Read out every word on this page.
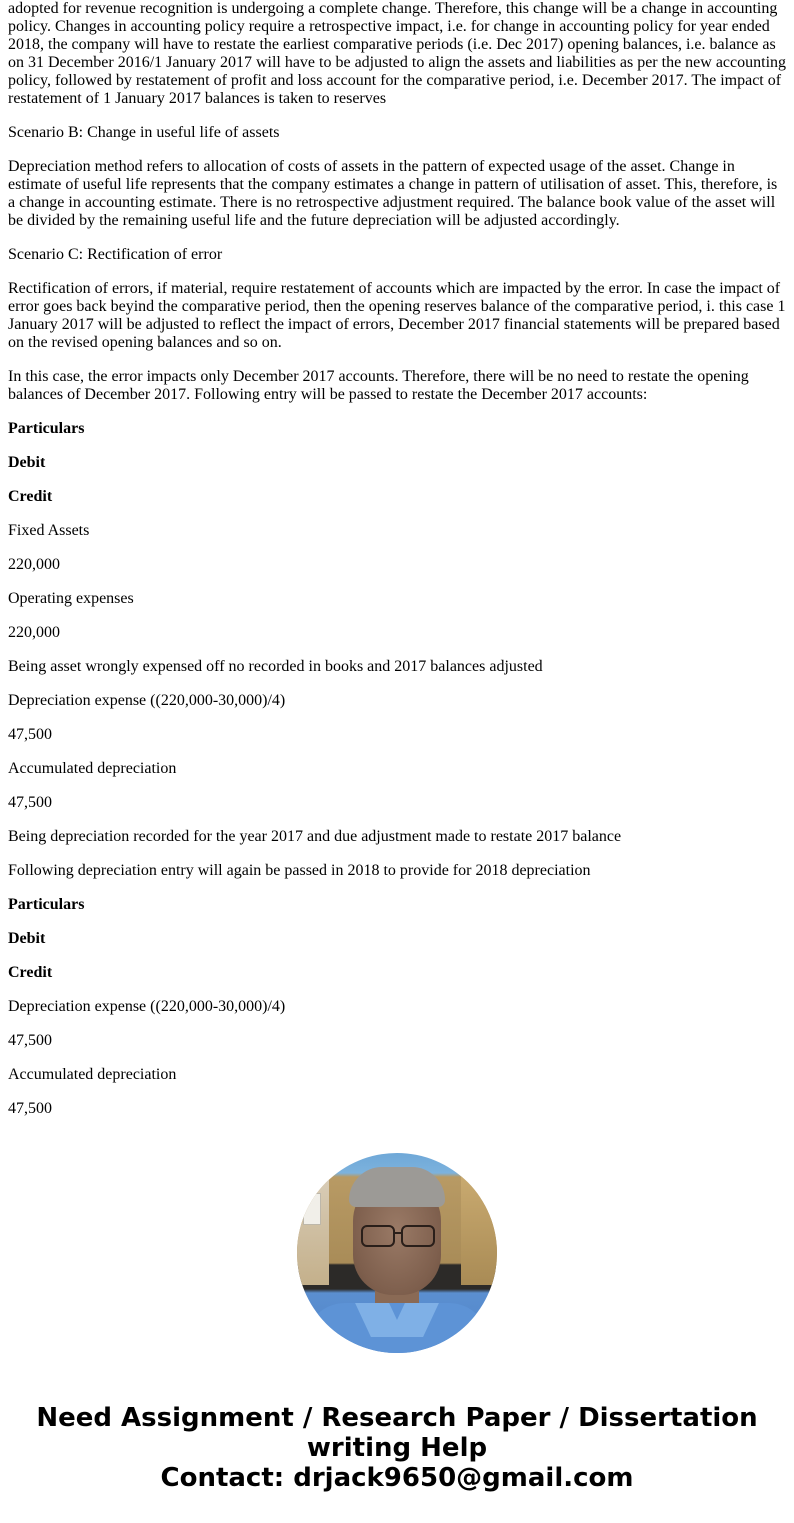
adopted for revenue recognition is undergoing a complete change. Therefore, this change will be a change in accounting policy. Changes in accounting policy require a retrospective impact, i.e. for change in accounting policy for year ended 2018, the company will have to restate the earliest comparative periods (i.e. Dec 2017) opening balances, i.e. balance as on 31 December 2016/1 January 2017 will have to be adjusted to align the assets and liabilities as per the new accounting policy, followed by restatement of profit and loss account for the comparative period, i.e. December 2017. The impact of restatement of 1 January 2017 balances is taken to reserves

Scenario B: Change in useful life of assets

Depreciation method refers to allocation of costs of assets in the pattern of expected usage of the asset. Change in estimate of useful life represents that the company estimates a change in pattern of utilisation of asset. This, therefore, is a change in accounting estimate. There is no retrospective adjustment required. The balance book value of the asset will be divided by the remaining useful life and the future depreciation will be adjusted accordingly.

Scenario C: Rectification of error

Rectification of errors, if material, require restatement of accounts which are impacted by the error. In case the impact of error goes back beyind the comparative period, then the opening reserves balance of the comparative period, i. this case 1 January 2017 will be adjusted to reflect the impact of errors, December 2017 financial statements will be prepared based on the revised opening balances and so on.

In this case, the error impacts only December 2017 accounts. Therefore, there will be no need to restate the opening balances of December 2017. Following entry will be passed to restate the December 2017 accounts:

Particulars

Debit

Credit

Fixed Assets

220,000

Operating expenses

220,000

Being asset wrongly expensed off no recorded in books and 2017 balances adjusted

Depreciation expense ((220,000-30,000)/4)

47,500

Accumulated depreciation

47,500

Being depreciation recorded for the year 2017 and due adjustment made to restate 2017 balance

Following depreciation entry will again be passed in 2018 to provide for 2018 depreciation

Particulars

Debit

Credit

Depreciation expense ((220,000-30,000)/4)

47,500

Accumulated depreciation

47,500

Need Assignment / Research Paper / Dissertation
writing Help
Contact: drjack9650@gmail.com
